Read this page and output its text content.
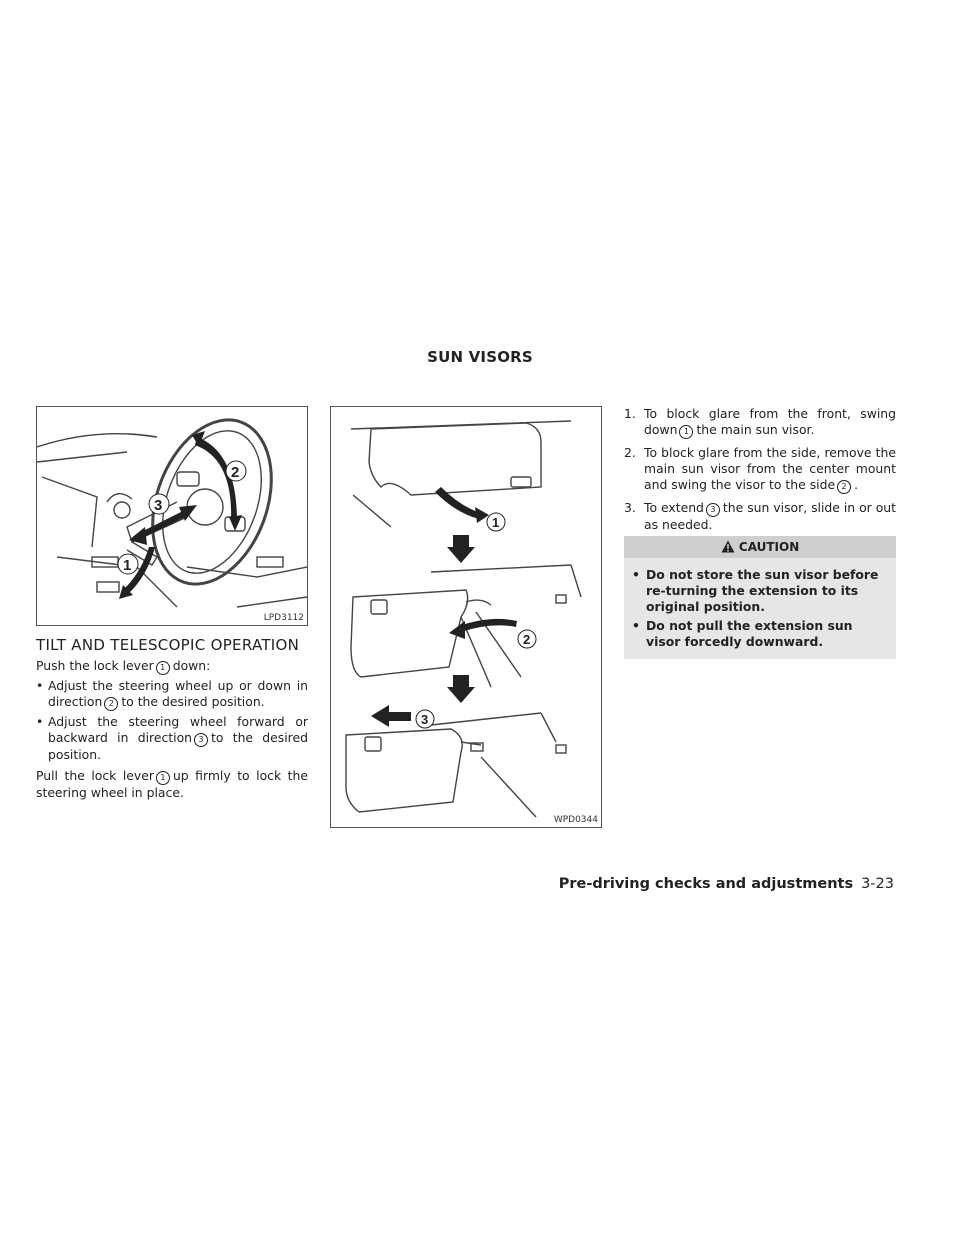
SUN VISORS
2
3
1
LPD3112
TILT AND TELESCOPIC OPERATION
Push the lock lever 1 down:
• Adjust the steering wheel up or down in direction 2 to the desired position.
• Adjust the steering wheel forward or backward in direction 3 to the desired position.
Pull the lock lever 1 up firmly to lock the steering wheel in place.
1
2
3
WPD0344
1. To block glare from the front, swing down 1 the main sun visor.
2. To block glare from the side, remove the main sun visor from the center mount and swing the visor to the side 2 .
3. To extend 3 the sun visor, slide in or out as needed.
CAUTION
• Do not store the sun visor before re-turning the extension to its original position.
• Do not pull the extension sun visor forcedly downward.
Pre-driving checks and adjustments 3-23
